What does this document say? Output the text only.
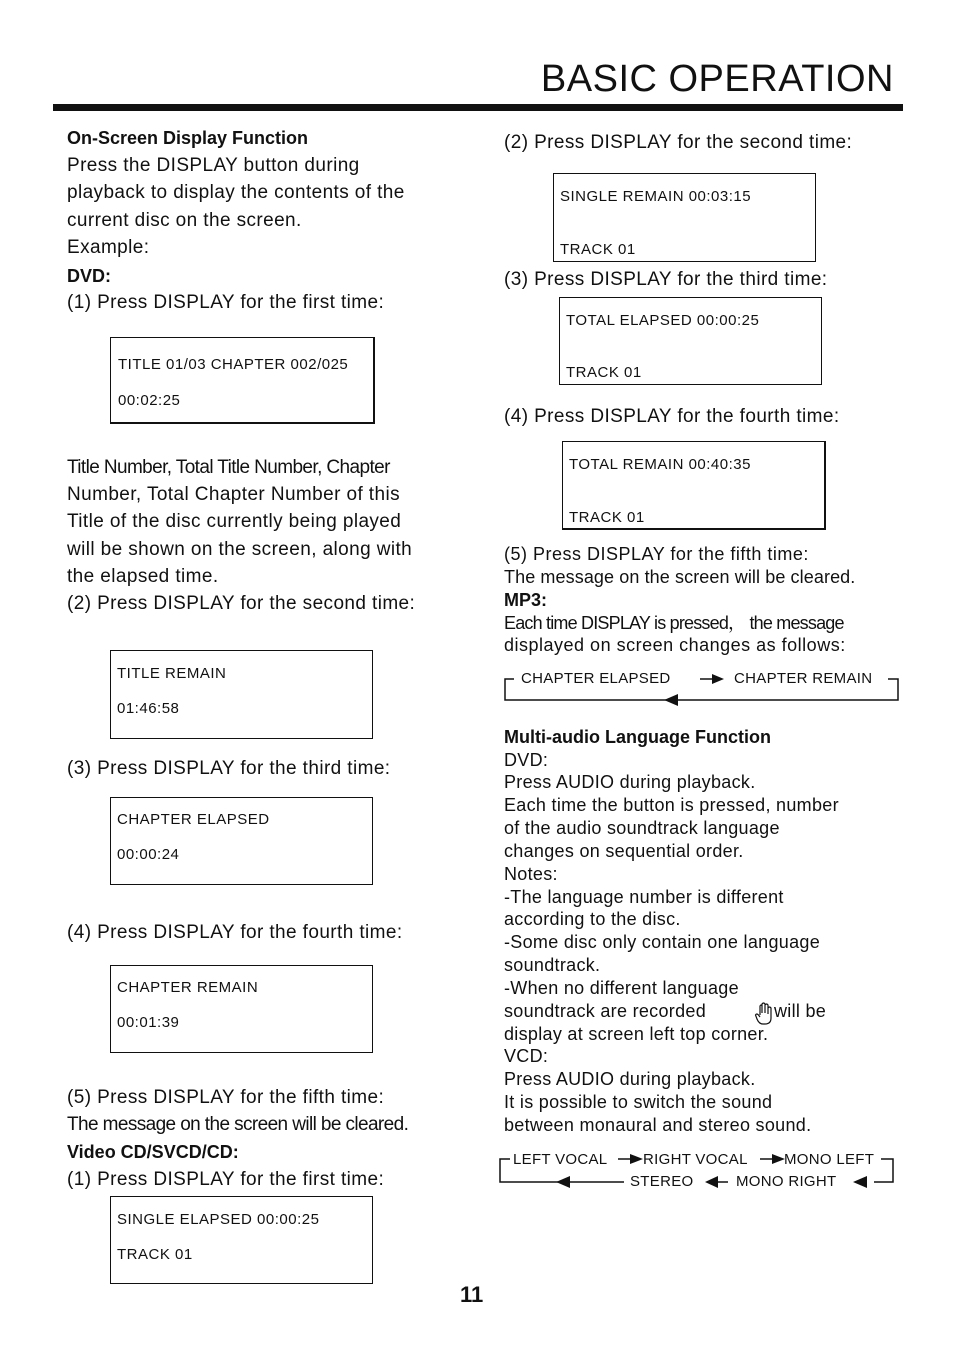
BASIC OPERATION
On-Screen Display Function
Press the DISPLAY button during
playback to display the contents of the
current disc on the screen.
Example:
DVD:
(1) Press DISPLAY for the first time:
TITLE 01/03 CHAPTER 002/025
00:02:25
Title Number, Total Title Number, Chapter
Number, Total Chapter Number of this
Title of the disc currently being played
will be shown on the screen, along with
the elapsed time.
(2) Press DISPLAY for the second time:
TITLE REMAIN
01:46:58
(3) Press DISPLAY for the third time:
CHAPTER ELAPSED
00:00:24
(4) Press DISPLAY for the fourth time:
CHAPTER REMAIN
00:01:39
(5) Press DISPLAY for the fifth time:
The message on the screen will be cleared.
Video CD/SVCD/CD:
(1) Press DISPLAY for the first time:
SINGLE ELAPSED 00:00:25
TRACK 01
(2) Press DISPLAY for the second time:
SINGLE REMAIN 00:03:15
TRACK 01
(3) Press DISPLAY for the third time:
TOTAL ELAPSED 00:00:25
TRACK 01
(4) Press DISPLAY for the fourth time:
TOTAL REMAIN 00:40:35
TRACK 01
(5) Press DISPLAY for the fifth time:
The message on the screen will be cleared.
MP3:
Each time DISPLAY is pressed， the message
displayed on screen changes as follows:
CHAPTER ELAPSED	CHAPTER REMAIN
Multi-audio Language Function
DVD:
Press AUDIO during playback.
Each time the button is pressed, number
of the audio soundtrack language
changes on sequential order.
Notes:
-The language number is different
according to the disc.
-Some disc only contain one language
soundtrack.
-When no different language
soundtrack are recorded	will be
display at screen left top corner.
VCD:
Press AUDIO during playback.
It is possible to switch the sound
between monaural and stereo sound.
LEFT VOCAL RIGHT VOCAL MONO LEFT
STEREO	MONO RIGHT
11
